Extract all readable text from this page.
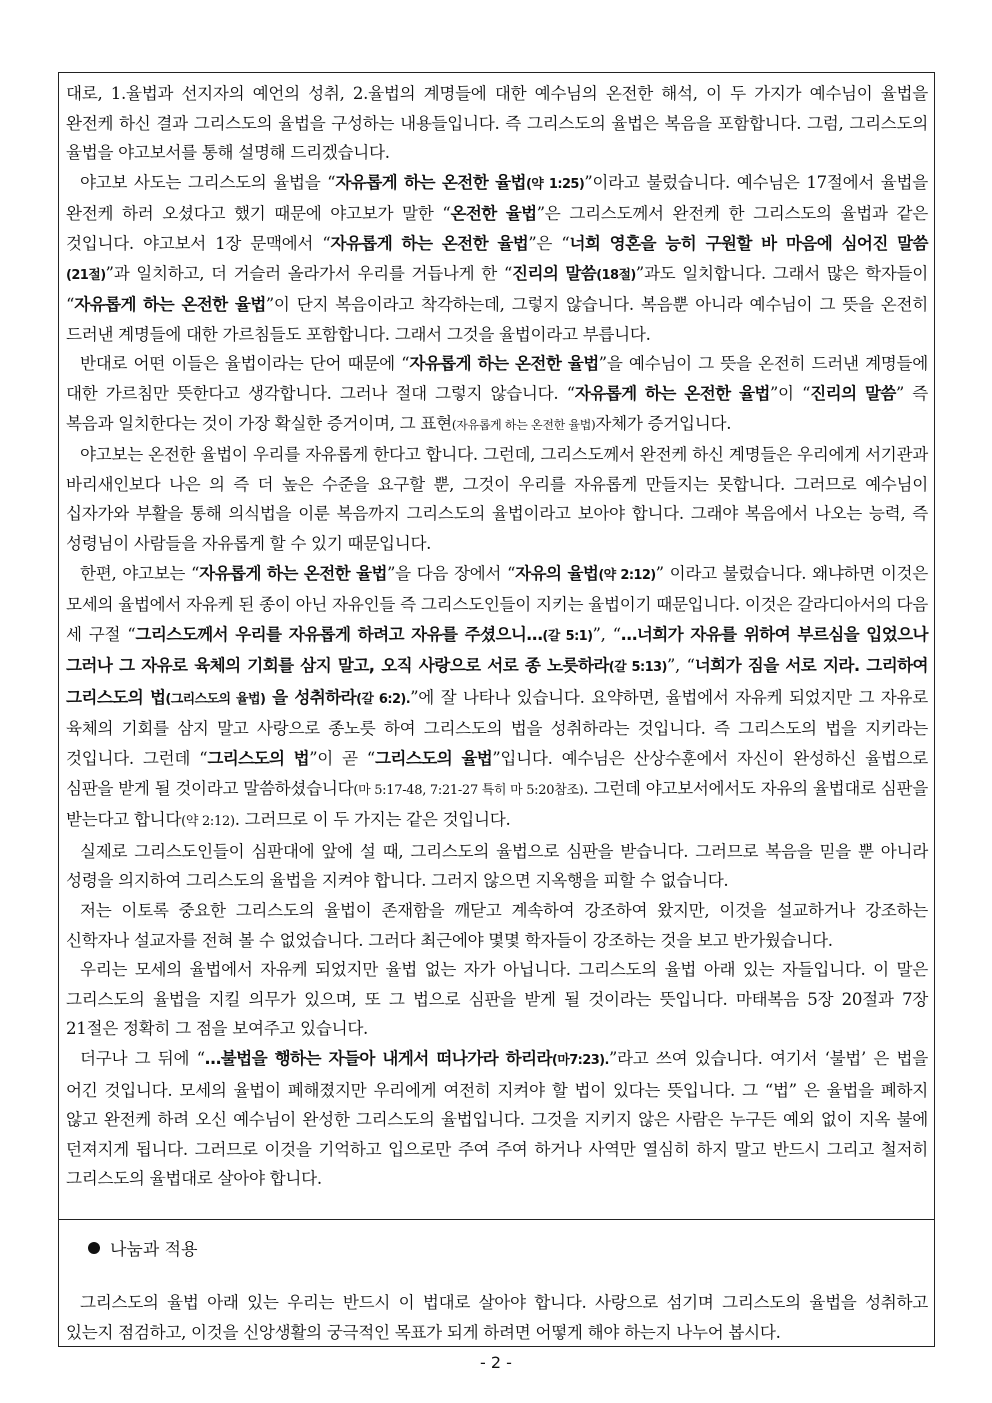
대로, 1.율법과 선지자의 예언의 성취, 2.율법의 계명들에 대한 예수님의 온전한 해석, 이 두 가지가 예수님이 율법을 완전케 하신 결과 그리스도의 율법을 구성하는 내용들입니다. 즉 그리스도의 율법은 복음을 포함합니다. 그럼, 그리스도의 율법을 야고보서를 통해 설명해 드리겠습니다.

야고보 사도는 그리스도의 율법을 “자유롭게 하는 온전한 율법(약 1:25)”이라고 불렀습니다. 예수님은 17절에서 율법을 완전케 하러 오셨다고 했기 때문에 야고보가 말한 “온전한 율법”은 그리스도께서 완전케 한 그리스도의 율법과 같은 것입니다. 야고보서 1장 문맥에서 “자유롭게 하는 온전한 율법”은 “너희 영혼을 능히 구원할 바 마음에 심어진 말씀(21절)”과 일치하고, 더 거슬러 올라가서 우리를 거듭나게 한 “진리의 말씀(18절)”과도 일치합니다. 그래서 많은 학자들이 “자유롭게 하는 온전한 율법”이 단지 복음이라고 착각하는데, 그렇지 않습니다. 복음뿐 아니라 예수님이 그 뜻을 온전히 드러낸 계명들에 대한 가르침들도 포함합니다. 그래서 그것을 율법이라고 부릅니다.

반대로 어떤 이들은 율법이라는 단어 때문에 “자유롭게 하는 온전한 율법”을 예수님이 그 뜻을 온전히 드러낸 계명들에 대한 가르침만 뜻한다고 생각합니다. 그러나 절대 그렇지 않습니다. “자유롭게 하는 온전한 율법”이 “진리의 말씀” 즉 복음과 일치한다는 것이 가장 확실한 증거이며, 그 표현(자유롭게 하는 온전한 율법)자체가 증거입니다.

야고보는 온전한 율법이 우리를 자유롭게 한다고 합니다. 그런데, 그리스도께서 완전케 하신 계명들은 우리에게 서기관과 바리새인보다 나은 의 즉 더 높은 수준을 요구할 뿐, 그것이 우리를 자유롭게 만들지는 못합니다. 그러므로 예수님이 십자가와 부활을 통해 의식법을 이룬 복음까지 그리스도의 율법이라고 보아야 합니다. 그래야 복음에서 나오는 능력, 즉 성령님이 사람들을 자유롭게 할 수 있기 때문입니다.

한편, 야고보는 “자유롭게 하는 온전한 율법”을 다음 장에서 “자유의 율법(약 2:12)” 이라고 불렀습니다. 왜냐하면 이것은 모세의 율법에서 자유케 된 종이 아닌 자유인들 즉 그리스도인들이 지키는 율법이기 때문입니다. 이것은 갈라디아서의 다음 세 구절 “그리스도께서 우리를 자유롭게 하려고 자유를 주셨으니…(갈 5:1)”, “…너희가 자유를 위하여 부르심을 입었으나 그러나 그 자유로 육체의 기회를 삼지 말고, 오직 사랑으로 서로 종 노릇하라(갈 5:13)”, “너희가 짐을 서로 지라. 그리하여 그리스도의 법(그리스도의 율법) 을 성취하라(갈 6:2).”에 잘 나타나 있습니다. 요약하면, 율법에서 자유케 되었지만 그 자유로 육체의 기회를 삼지 말고 사랑으로 종노릇 하여 그리스도의 법을 성취하라는 것입니다. 즉 그리스도의 법을 지키라는 것입니다. 그런데 “그리스도의 법”이 곧 “그리스도의 율법”입니다. 예수님은 산상수훈에서 자신이 완성하신 율법으로 심판을 받게 될 것이라고 말씀하셨습니다(마 5:17-48, 7:21-27 특히 마 5:20참조). 그런데 야고보서에서도 자유의 율법대로 심판을 받는다고 합니다(약 2:12). 그러므로 이 두 가지는 같은 것입니다.

실제로 그리스도인들이 심판대에 앞에 설 때, 그리스도의 율법으로 심판을 받습니다. 그러므로 복음을 믿을 뿐 아니라 성령을 의지하여 그리스도의 율법을 지켜야 합니다. 그러지 않으면 지옥행을 피할 수 없습니다.

저는 이토록 중요한 그리스도의 율법이 존재함을 깨닫고 계속하여 강조하여 왔지만, 이것을 설교하거나 강조하는 신학자나 설교자를 전혀 볼 수 없었습니다. 그러다 최근에야 몇몇 학자들이 강조하는 것을 보고 반가웠습니다.

우리는 모세의 율법에서 자유케 되었지만 율법 없는 자가 아닙니다. 그리스도의 율법 아래 있는 자들입니다. 이 말은 그리스도의 율법을 지킬 의무가 있으며, 또 그 법으로 심판을 받게 될 것이라는 뜻입니다. 마태복음 5장 20절과 7장 21절은 정확히 그 점을 보여주고 있습니다.

더구나 그 뒤에 “…불법을 행하는 자들아 내게서 떠나가라 하리라(마7:23).”라고 쓰여 있습니다. 여기서 ‘불법’ 은 법을 어긴 것입니다. 모세의 율법이 폐해졌지만 우리에게 여전히 지켜야 할 법이 있다는 뜻입니다. 그 “법” 은 율법을 폐하지 않고 완전케 하려 오신 예수님이 완성한 그리스도의 율법입니다. 그것을 지키지 않은 사람은 누구든 예외 없이 지옥 불에 던져지게 됩니다. 그러므로 이것을 기억하고 입으로만 주여 주여 하거나 사역만 열심히 하지 말고 반드시 그리고 철저히 그리스도의 율법대로 살아야 합니다.

나눔과 적용

그리스도의 율법 아래 있는 우리는 반드시 이 법대로 살아야 합니다. 사랑으로 섬기며 그리스도의 율법을 성취하고 있는지 점검하고, 이것을 신앙생활의 궁극적인 목표가 되게 하려면 어떻게 해야 하는지 나누어 봅시다.

- 2 -
